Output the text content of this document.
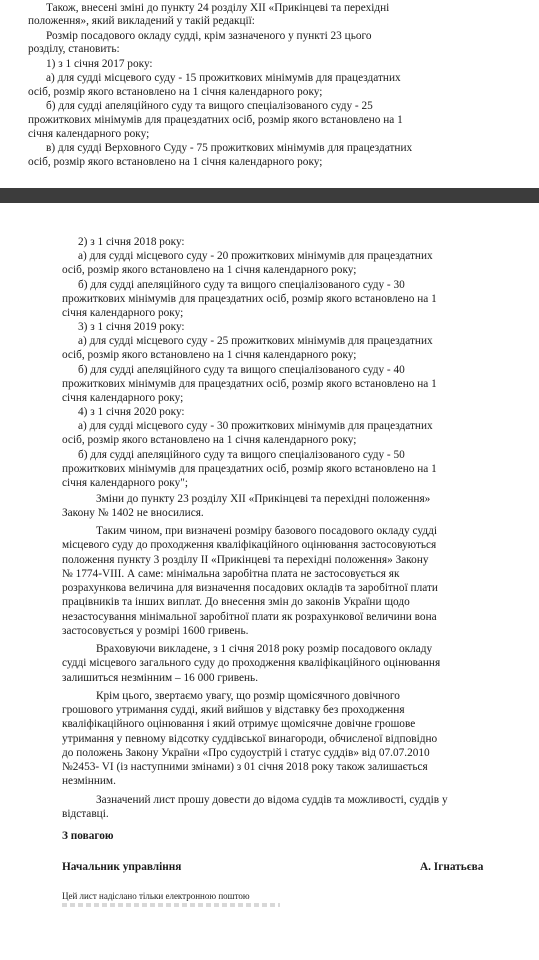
Також, внесені зміні до пункту 24 розділу XII «Прикінцеві та перехідні
положення», який викладений у такій редакції:
Розмір посадового окладу судді, крім зазначеного у пункті 23 цього
розділу, становить:
1) з 1 січня 2017 року:
а) для судді місцевого суду - 15 прожиткових мінімумів для працездатних
осіб, розмір якого встановлено на 1 січня календарного року;
б) для судді апеляційного суду та вищого спеціалізованого суду - 25
прожиткових мінімумів для працездатних осіб, розмір якого встановлено на 1
січня календарного року;
в) для судді Верховного Суду - 75 прожиткових мінімумів для працездатних
осіб, розмір якого встановлено на 1 січня календарного року;
2) з 1 січня 2018 року:
а) для судді місцевого суду - 20 прожиткових мінімумів для працездатних
осіб, розмір якого встановлено на 1 січня календарного року;
б) для судді апеляційного суду та вищого спеціалізованого суду - 30
прожиткових мінімумів для працездатних осіб, розмір якого встановлено на 1
січня календарного року;
3) з 1 січня 2019 року:
а) для судді місцевого суду - 25 прожиткових мінімумів для працездатних
осіб, розмір якого встановлено на 1 січня календарного року;
б) для судді апеляційного суду та вищого спеціалізованого суду - 40
прожиткових мінімумів для працездатних осіб, розмір якого встановлено на 1
січня календарного року;
4) з 1 січня 2020 року:
а) для судді місцевого суду - 30 прожиткових мінімумів для працездатних
осіб, розмір якого встановлено на 1 січня календарного року;
б) для судді апеляційного суду та вищого спеціалізованого суду - 50
прожиткових мінімумів для працездатних осіб, розмір якого встановлено на 1
січня календарного року";
Зміни до пункту 23 розділу XII «Прикінцеві та перехідні положення»
Закону № 1402 не вносилися.
Таким чином, при визначені розміру базового посадового окладу судді
місцевого суду до проходження кваліфікаційного оцінювання застосовуються
положення пункту 3 розділу II «Прикінцеві та перехідні положення» Закону
№ 1774-VIII. А саме: мінімальна заробітна плата не застосовується як
розрахункова величина для визначення посадових окладів та заробітної плати
працівників та інших виплат. До внесення змін до законів України щодо
незастосування мінімальної заробітної плати як розрахункової величини вона
застосовується у розмірі 1600 гривень.
Враховуючи викладене, з 1 січня 2018 року розмір посадового окладу
судді місцевого загального суду до проходження кваліфікаційного оцінювання
залишиться незмінним – 16 000 гривень.
Крім цього, звертаємо увагу, що розмір щомісячного довічного
грошового утримання судді, який вийшов у відставку без проходження
кваліфікаційного оцінювання і який отримує щомісячне довічне грошове
утримання у певному відсотку суддівської винагороди, обчисленої відповідно
до положень Закону України «Про судоустрій і статус суддів» від 07.07.2010
№2453- VI (із наступними змінами) з 01 січня 2018 року також залишається
незмінним.
Зазначений лист прошу довести до відома суддів та можливості, суддів у
відставці.
З повагою
Начальник управління	А. Ігнатьєва
Цей лист надіслано тільки електронною поштою
